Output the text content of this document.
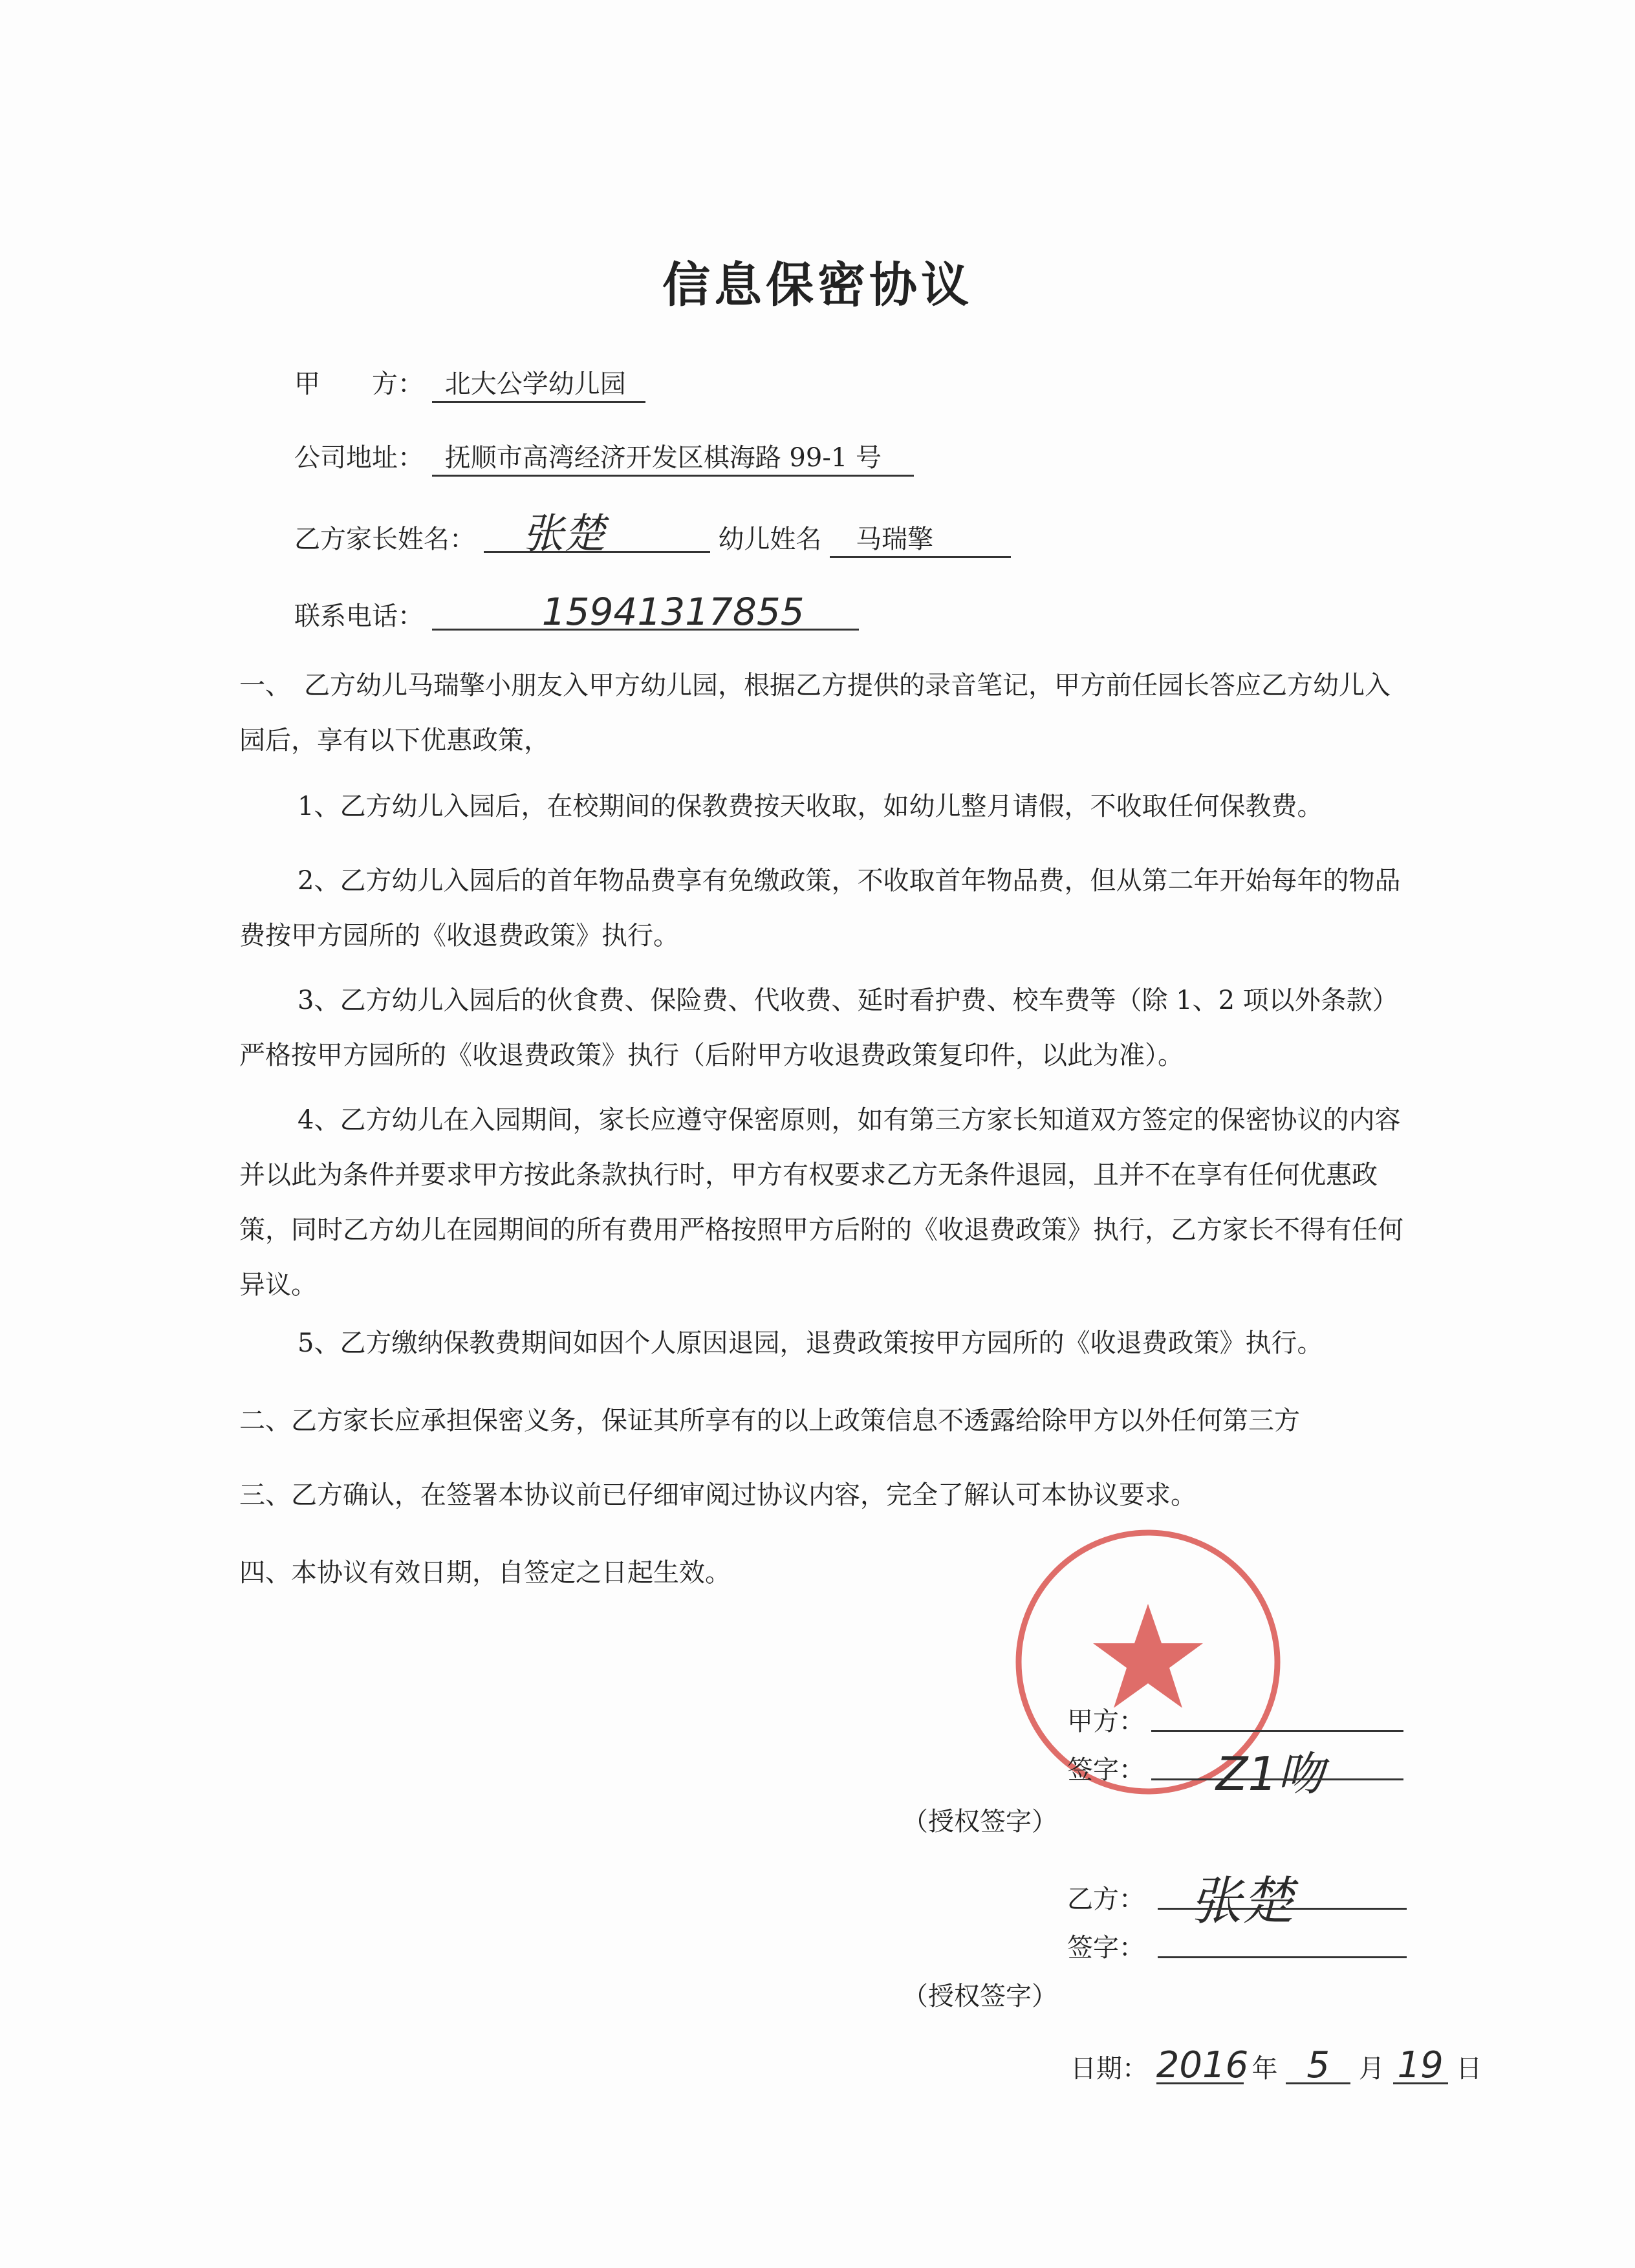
信息保密协议
甲　　方： 北大公学幼儿园
公司地址： 抚顺市高湾经济开发区棋海路 99-1 号
乙方家长姓名： 张楚	幼儿姓名 马瑞擎
联系电话：	15941317855
一、　乙方幼儿马瑞擎小朋友入甲方幼儿园，根据乙方提供的录音笔记，甲方前任园长答应乙方幼儿入园后，享有以下优惠政策，
1、乙方幼儿入园后，在校期间的保教费按天收取，如幼儿整月请假，不收取任何保教费。
2、乙方幼儿入园后的首年物品费享有免缴政策，不收取首年物品费，但从第二年开始每年的物品费按甲方园所的《收退费政策》执行。
3、乙方幼儿入园后的伙食费、保险费、代收费、延时看护费、校车费等（除 1、2 项以外条款）严格按甲方园所的《收退费政策》执行（后附甲方收退费政策复印件，以此为准）。
4、乙方幼儿在入园期间，家长应遵守保密原则，如有第三方家长知道双方签定的保密协议的内容并以此为条件并要求甲方按此条款执行时，甲方有权要求乙方无条件退园，且并不在享有任何优惠政策，同时乙方幼儿在园期间的所有费用严格按照甲方后附的《收退费政策》执行，乙方家长不得有任何异议。
5、乙方缴纳保教费期间如因个人原因退园，退费政策按甲方园所的《收退费政策》执行。
二、乙方家长应承担保密义务，保证其所享有的以上政策信息不透露给除甲方以外任何第三方
三、乙方确认，在签署本协议前已仔细审阅过协议内容，完全了解认可本协议要求。
四、本协议有效日期，自签定之日起生效。
甲方：
签字： Z1吻
（授权签字）
乙方： 张楚
签字：
（授权签字）
日期： 2016 年 5 月 19 日
